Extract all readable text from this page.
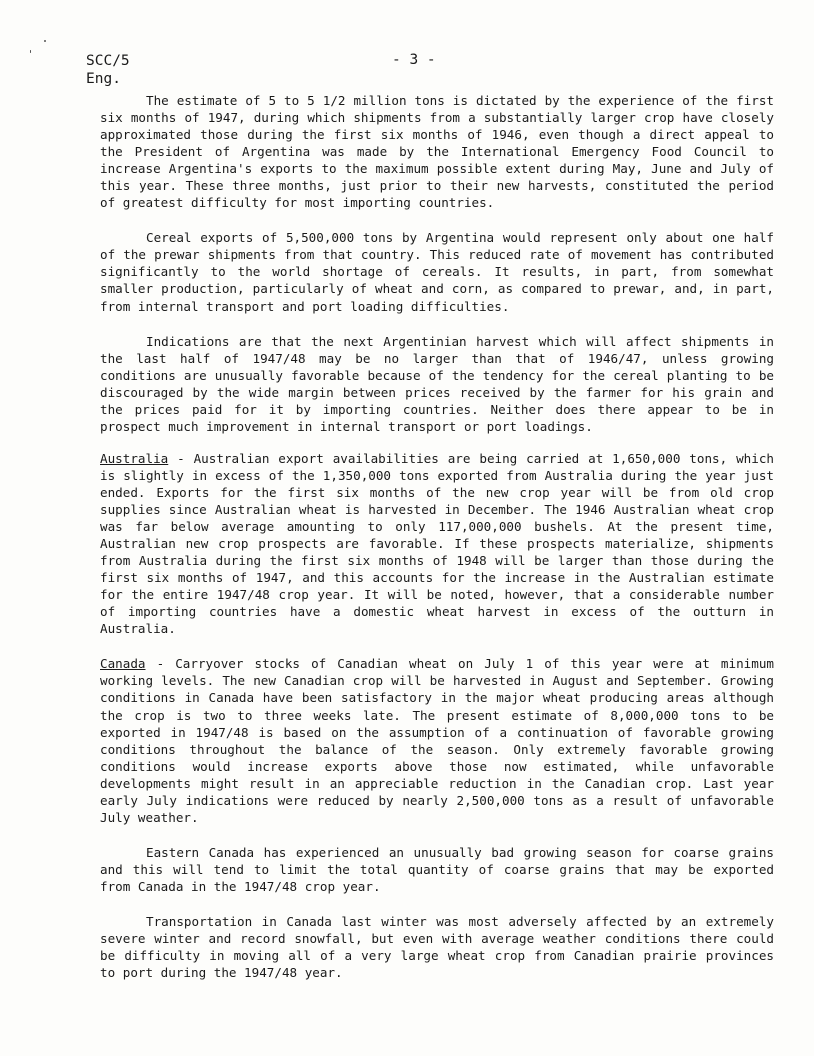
SCC/5
Eng.
- 3 -

The estimate of 5 to 5 1/2 million tons is dictated by the experience of the first six months of 1947, during which shipments from a substantially larger crop have closely approximated those during the first six months of 1946, even though a direct appeal to the President of Argentina was made by the International Emergency Food Council to increase Argentina's exports to the maximum possible extent during May, June and July of this year. These three months, just prior to their new harvests, constituted the period of greatest difficulty for most importing countries.

Cereal exports of 5,500,000 tons by Argentina would represent only about one half of the prewar shipments from that country. This reduced rate of movement has contributed significantly to the world shortage of cereals. It results, in part, from somewhat smaller production, particularly of wheat and corn, as compared to prewar, and, in part, from internal transport and port loading difficulties.

Indications are that the next Argentinian harvest which will affect shipments in the last half of 1947/48 may be no larger than that of 1946/47, unless growing conditions are unusually favorable because of the tendency for the cereal planting to be discouraged by the wide margin between prices received by the farmer for his grain and the prices paid for it by importing countries. Neither does there appear to be in prospect much improvement in internal transport or port loadings.

Australia - Australian export availabilities are being carried at 1,650,000 tons, which is slightly in excess of the 1,350,000 tons exported from Australia during the year just ended. Exports for the first six months of the new crop year will be from old crop supplies since Australian wheat is harvested in December. The 1946 Australian wheat crop was far below average amounting to only 117,000,000 bushels. At the present time, Australian new crop prospects are favorable. If these prospects materialize, shipments from Australia during the first six months of 1948 will be larger than those during the first six months of 1947, and this accounts for the increase in the Australian estimate for the entire 1947/48 crop year. It will be noted, however, that a considerable number of importing countries have a domestic wheat harvest in excess of the outturn in Australia.

Canada - Carryover stocks of Canadian wheat on July 1 of this year were at minimum working levels. The new Canadian crop will be harvested in August and September. Growing conditions in Canada have been satisfactory in the major wheat producing areas although the crop is two to three weeks late. The present estimate of 8,000,000 tons to be exported in 1947/48 is based on the assumption of a continuation of favorable growing conditions throughout the balance of the season. Only extremely favorable growing conditions would increase exports above those now estimated, while unfavorable developments might result in an appreciable reduction in the Canadian crop. Last year early July indications were reduced by nearly 2,500,000 tons as a result of unfavorable July weather.

Eastern Canada has experienced an unusually bad growing season for coarse grains and this will tend to limit the total quantity of coarse grains that may be exported from Canada in the 1947/48 crop year.

Transportation in Canada last winter was most adversely affected by an extremely severe winter and record snowfall, but even with average weather conditions there could be difficulty in moving all of a very large wheat crop from Canadian prairie provinces to port during the 1947/48 year.
